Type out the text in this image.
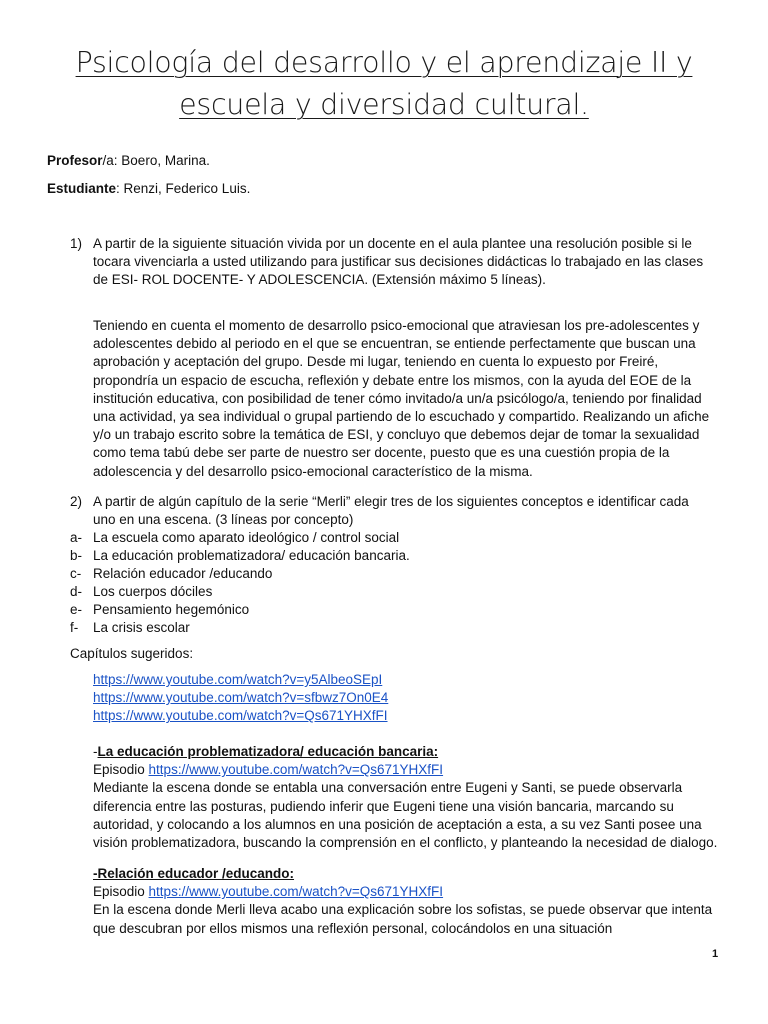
Psicología del desarrollo y el aprendizaje II y
escuela y diversidad cultural.
Profesor/a: Boero, Marina.
Estudiante: Renzi, Federico Luis.
1) A partir de la siguiente situación vivida por un docente en el aula plantee una resolución posible si le tocara vivenciarla a usted utilizando para justificar sus decisiones didácticas lo trabajado en las clases de ESI- ROL DOCENTE- Y ADOLESCENCIA. (Extensión máximo 5 líneas).
Teniendo en cuenta el momento de desarrollo psico-emocional que atraviesan los pre-adolescentes y adolescentes debido al periodo en el que se encuentran, se entiende perfectamente que buscan una aprobación y aceptación del grupo. Desde mi lugar, teniendo en cuenta lo expuesto por Freiré, propondría un espacio de escucha, reflexión y debate entre los mismos, con la ayuda del EOE de la institución educativa, con posibilidad de tener cómo invitado/a un/a psicólogo/a, teniendo por finalidad una actividad, ya sea individual o grupal partiendo de lo escuchado y compartido. Realizando un afiche y/o un trabajo escrito sobre la temática de ESI, y concluyo que debemos dejar de tomar la sexualidad como tema tabú debe ser parte de nuestro ser docente, puesto que es una cuestión propia de la adolescencia y del desarrollo psico-emocional característico de la misma.
2) A partir de algún capítulo de la serie “Merli” elegir tres de los siguientes conceptos e identificar cada
uno en una escena. (3 líneas por concepto)
a- La escuela como aparato ideológico / control social
b- La educación problematizadora/ educación bancaria.
c- Relación educador /educando
d- Los cuerpos dóciles
e- Pensamiento hegemónico
f- La crisis escolar
Capítulos sugeridos:
https://www.youtube.com/watch?v=y5AlbeoSEpI
https://www.youtube.com/watch?v=sfbwz7On0E4
https://www.youtube.com/watch?v=Qs671YHXfFI
-La educación problematizadora/ educación bancaria:
Episodio https://www.youtube.com/watch?v=Qs671YHXfFI
Mediante la escena donde se entabla una conversación entre Eugeni y Santi, se puede observarla diferencia entre las posturas, pudiendo inferir que Eugeni tiene una visión bancaria, marcando su autoridad, y colocando a los alumnos en una posición de aceptación a esta, a su vez Santi posee una visión problematizadora, buscando la comprensión en el conflicto, y planteando la necesidad de dialogo.
-Relación educador /educando:
Episodio https://www.youtube.com/watch?v=Qs671YHXfFI
En la escena donde Merli lleva acabo una explicación sobre los sofistas, se puede observar que intenta que descubran por ellos mismos una reflexión personal, colocándolos en una situación
1
